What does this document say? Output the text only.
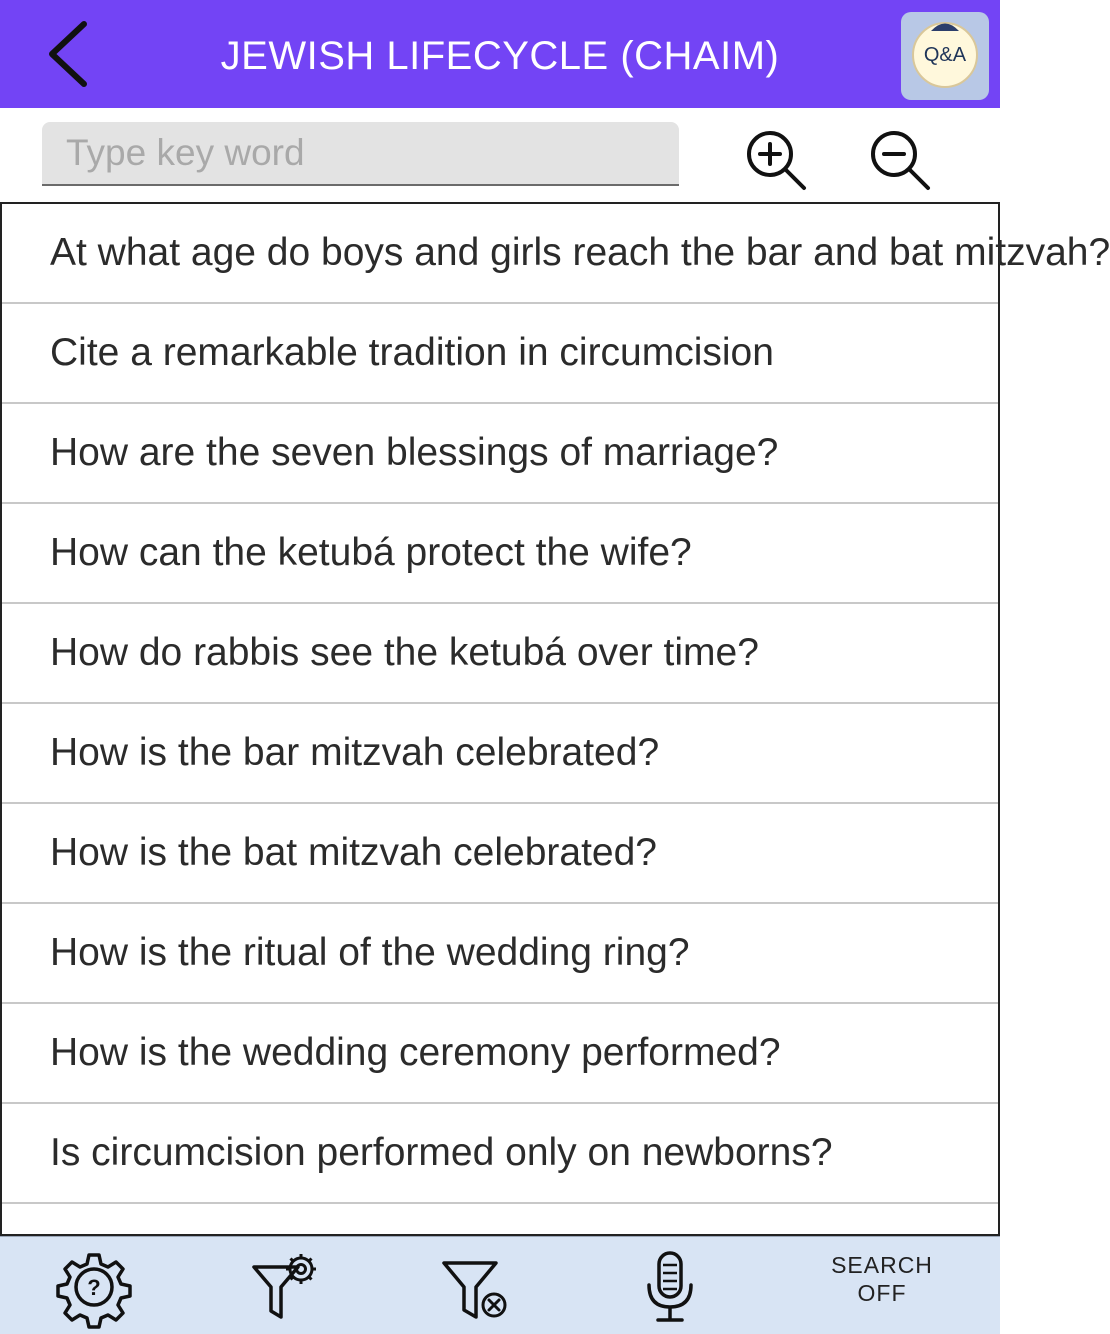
JEWISH LIFECYCLE (CHAIM)	Q&A
Type key word
At what age do boys and girls reach the bar and bat mitzvah?
Cite a remarkable tradition in circumcision
How are the seven blessings of marriage?
How can the ketubá protect the wife?
How do rabbis see the ketubá over time?
How is the bar mitzvah celebrated?
How is the bat mitzvah celebrated?
How is the ritual of the wedding ring?
How is the wedding ceremony performed?
Is circumcision performed only on newborns?
?
SEARCH
OFF
